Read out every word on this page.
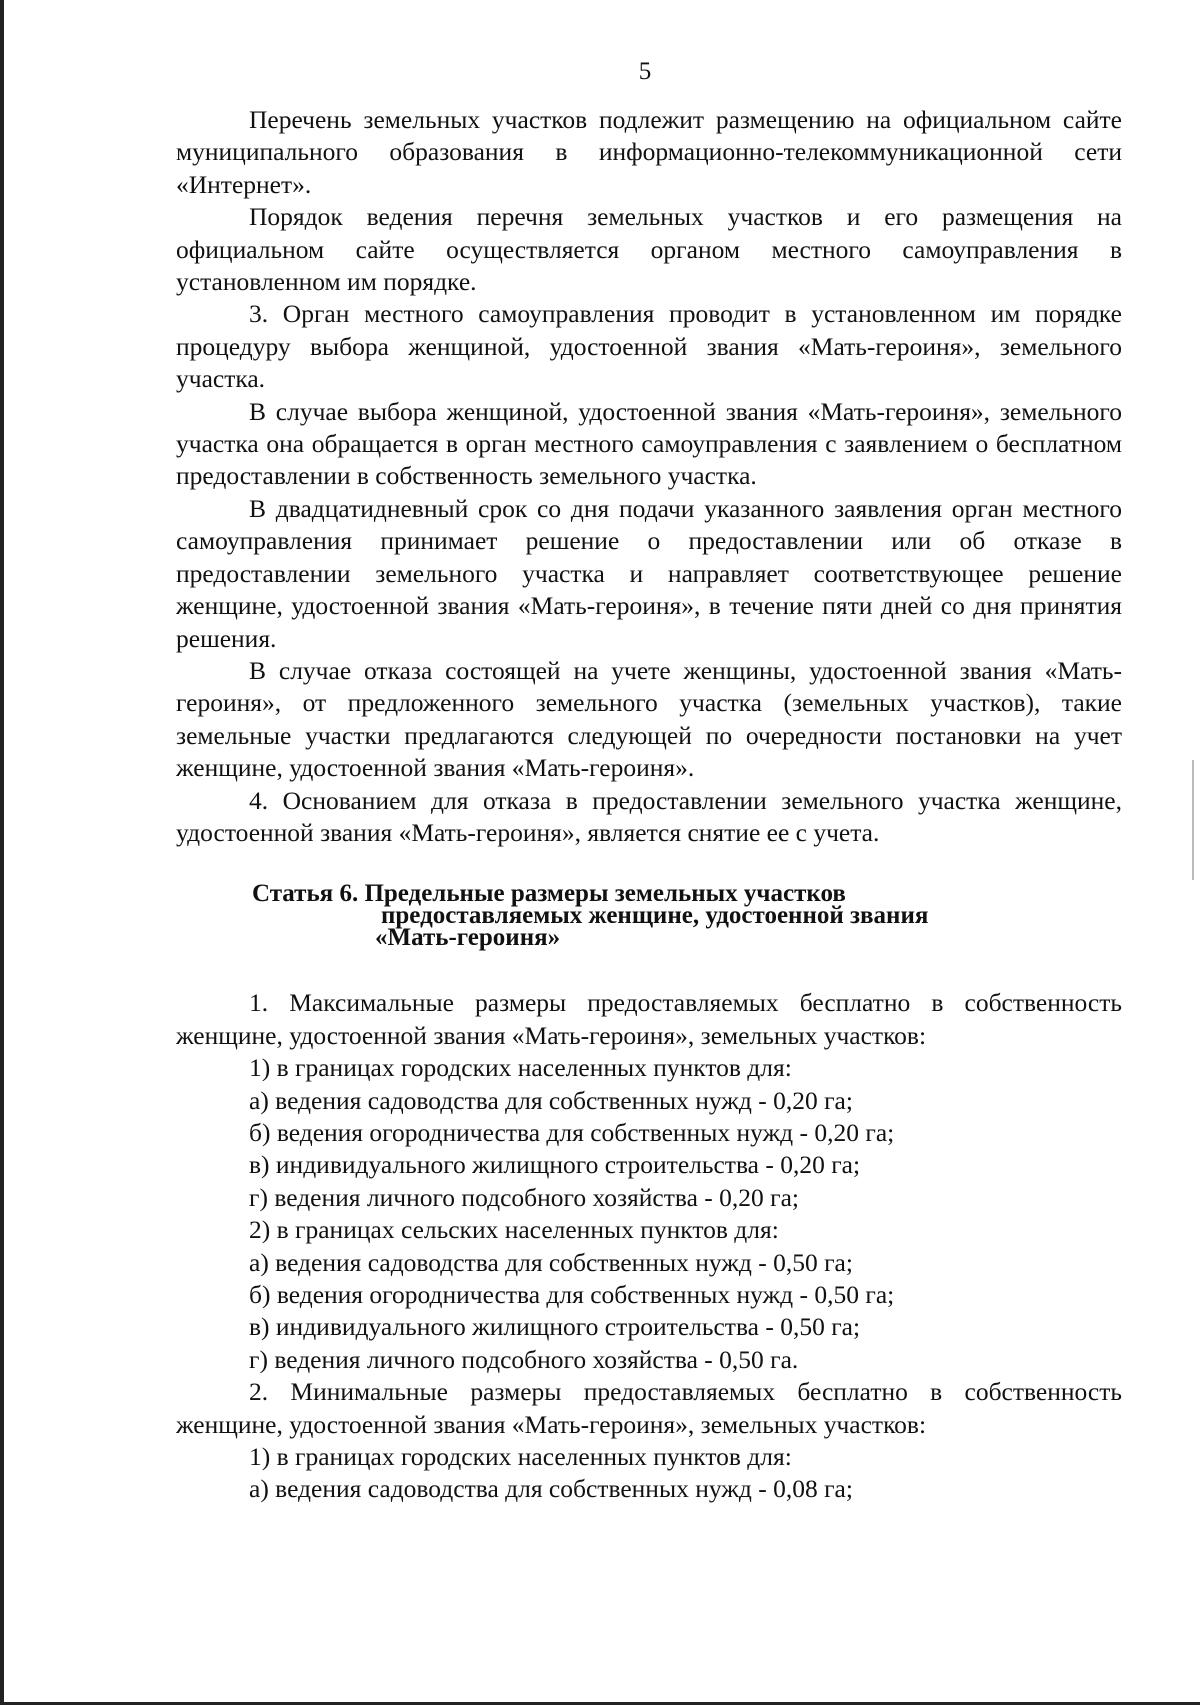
5

Перечень земельных участков подлежит размещению на официальном сайте муниципального образования в информационно-телекоммуникационной сети «Интернет».

Порядок ведения перечня земельных участков и его размещения на официальном сайте осуществляется органом местного самоуправления в установленном им порядке.

3. Орган местного самоуправления проводит в установленном им порядке процедуру выбора женщиной, удостоенной звания «Мать-героиня», земельного участка.

В случае выбора женщиной, удостоенной звания «Мать-героиня», земельного участка она обращается в орган местного самоуправления с заявлением о бесплатном предоставлении в собственность земельного участка.

В двадцатидневный срок со дня подачи указанного заявления орган местного самоуправления принимает решение о предоставлении или об отказе в предоставлении земельного участка и направляет соответствующее решение женщине, удостоенной звания «Мать-героиня», в течение пяти дней со дня принятия решения.

В случае отказа состоящей на учете женщины, удостоенной звания «Мать-героиня», от предложенного земельного участка (земельных участков), такие земельные участки предлагаются следующей по очередности постановки на учет женщине, удостоенной звания «Мать-героиня».

4. Основанием для отказа в предоставлении земельного участка женщине, удостоенной звания «Мать-героиня», является снятие ее с учета.

Статья 6. Предельные размеры земельных участков
предоставляемых женщине, удостоенной звания
«Мать-героиня»

1. Максимальные размеры предоставляемых бесплатно в собственность женщине, удостоенной звания «Мать-героиня», земельных участков:

1) в границах городских населенных пунктов для:
а) ведения садоводства для собственных нужд - 0,20 га;
б) ведения огородничества для собственных нужд - 0,20 га;
в) индивидуального жилищного строительства - 0,20 га;
г) ведения личного подсобного хозяйства - 0,20 га;
2) в границах сельских населенных пунктов для:
а) ведения садоводства для собственных нужд - 0,50 га;
б) ведения огородничества для собственных нужд - 0,50 га;
в) индивидуального жилищного строительства - 0,50 га;
г) ведения личного подсобного хозяйства - 0,50 га.

2. Минимальные размеры предоставляемых бесплатно в собственность женщине, удостоенной звания «Мать-героиня», земельных участков:

1) в границах городских населенных пунктов для:
а) ведения садоводства для собственных нужд - 0,08 га;
